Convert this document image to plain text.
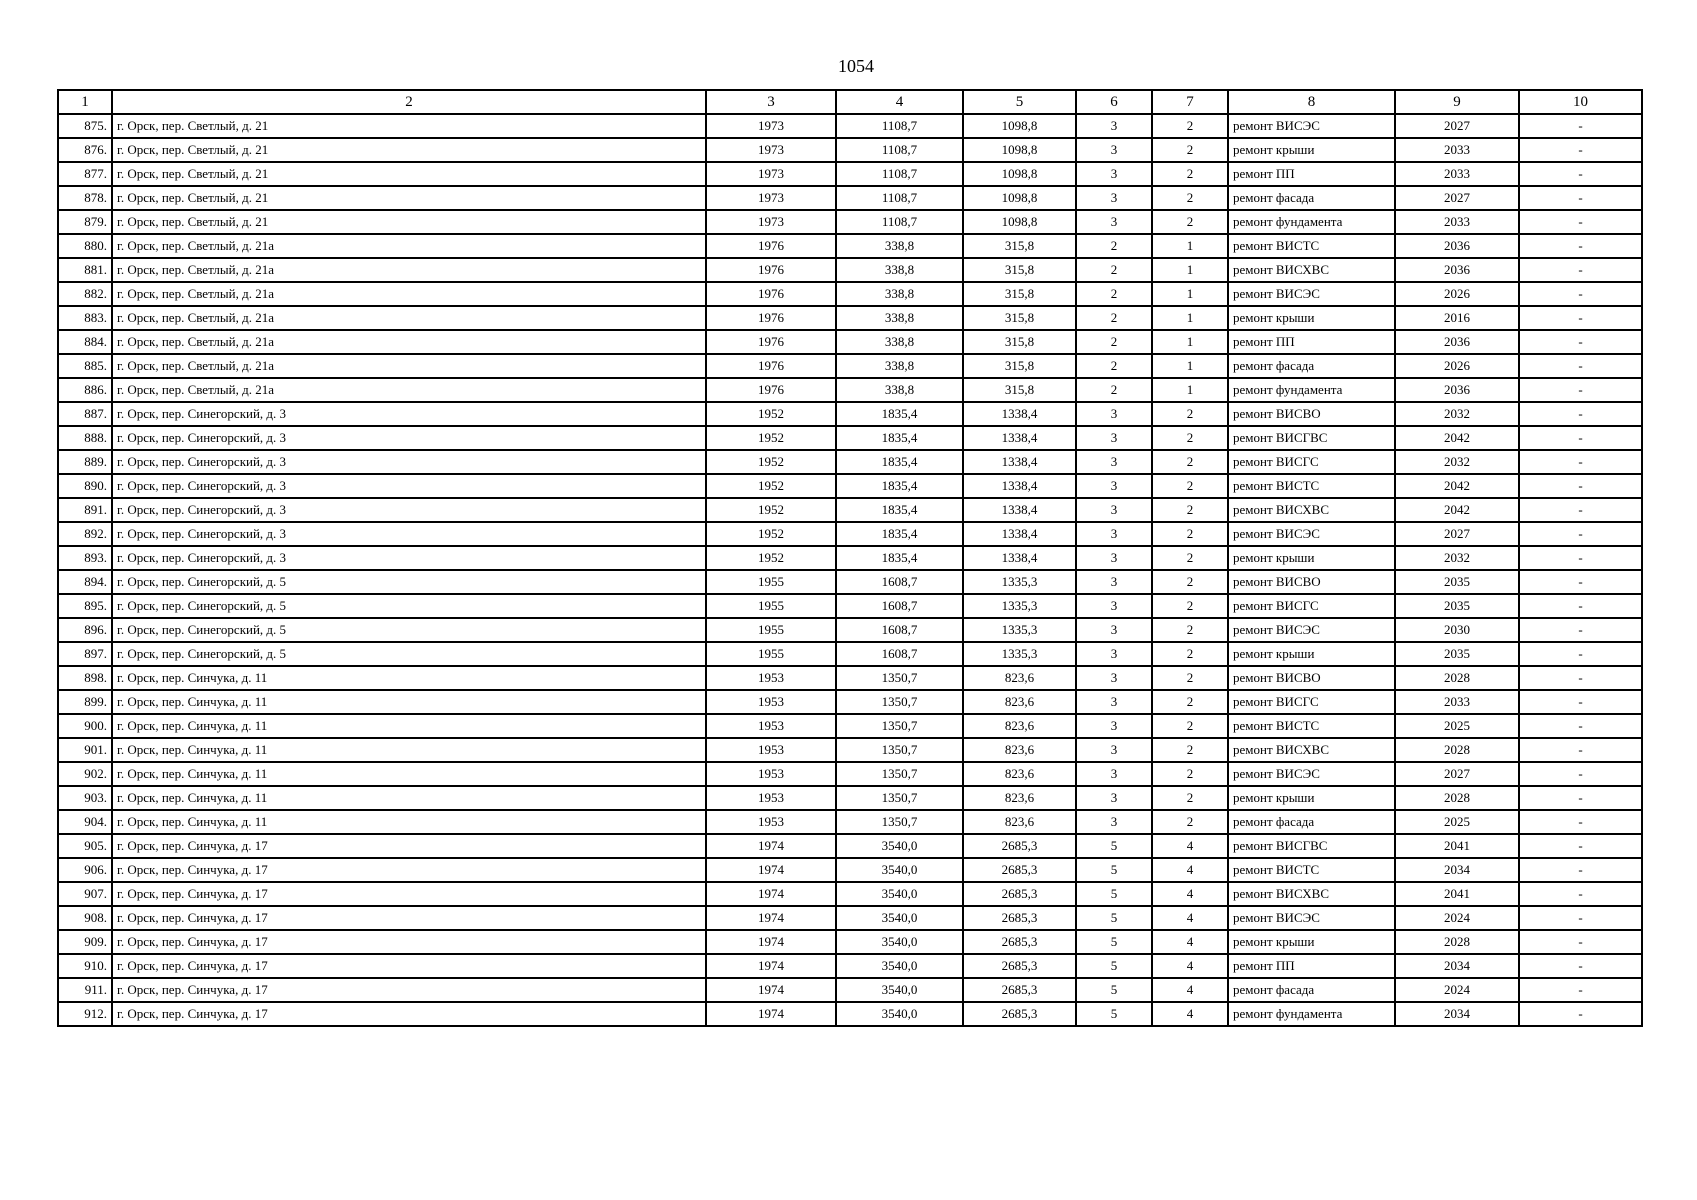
1054
1	2	3	4	5	6	7	8	9	10
875.	г. Орск, пер. Светлый, д. 21	1973	1108,7	1098,8	3	2	ремонт ВИСЭС	2027	-
876.	г. Орск, пер. Светлый, д. 21	1973	1108,7	1098,8	3	2	ремонт крыши	2033	-
877.	г. Орск, пер. Светлый, д. 21	1973	1108,7	1098,8	3	2	ремонт ПП	2033	-
878.	г. Орск, пер. Светлый, д. 21	1973	1108,7	1098,8	3	2	ремонт фасада	2027	-
879.	г. Орск, пер. Светлый, д. 21	1973	1108,7	1098,8	3	2	ремонт фундамента	2033	-
880.	г. Орск, пер. Светлый, д. 21а	1976	338,8	315,8	2	1	ремонт ВИСТС	2036	-
881.	г. Орск, пер. Светлый, д. 21а	1976	338,8	315,8	2	1	ремонт ВИСХВС	2036	-
882.	г. Орск, пер. Светлый, д. 21а	1976	338,8	315,8	2	1	ремонт ВИСЭС	2026	-
883.	г. Орск, пер. Светлый, д. 21а	1976	338,8	315,8	2	1	ремонт крыши	2016	-
884.	г. Орск, пер. Светлый, д. 21а	1976	338,8	315,8	2	1	ремонт ПП	2036	-
885.	г. Орск, пер. Светлый, д. 21а	1976	338,8	315,8	2	1	ремонт фасада	2026	-
886.	г. Орск, пер. Светлый, д. 21а	1976	338,8	315,8	2	1	ремонт фундамента	2036	-
887.	г. Орск, пер. Синегорский, д. 3	1952	1835,4	1338,4	3	2	ремонт ВИСВО	2032	-
888.	г. Орск, пер. Синегорский, д. 3	1952	1835,4	1338,4	3	2	ремонт ВИСГВС	2042	-
889.	г. Орск, пер. Синегорский, д. 3	1952	1835,4	1338,4	3	2	ремонт ВИСГС	2032	-
890.	г. Орск, пер. Синегорский, д. 3	1952	1835,4	1338,4	3	2	ремонт ВИСТС	2042	-
891.	г. Орск, пер. Синегорский, д. 3	1952	1835,4	1338,4	3	2	ремонт ВИСХВС	2042	-
892.	г. Орск, пер. Синегорский, д. 3	1952	1835,4	1338,4	3	2	ремонт ВИСЭС	2027	-
893.	г. Орск, пер. Синегорский, д. 3	1952	1835,4	1338,4	3	2	ремонт крыши	2032	-
894.	г. Орск, пер. Синегорский, д. 5	1955	1608,7	1335,3	3	2	ремонт ВИСВО	2035	-
895.	г. Орск, пер. Синегорский, д. 5	1955	1608,7	1335,3	3	2	ремонт ВИСГС	2035	-
896.	г. Орск, пер. Синегорский, д. 5	1955	1608,7	1335,3	3	2	ремонт ВИСЭС	2030	-
897.	г. Орск, пер. Синегорский, д. 5	1955	1608,7	1335,3	3	2	ремонт крыши	2035	-
898.	г. Орск, пер. Синчука, д. 11	1953	1350,7	823,6	3	2	ремонт ВИСВО	2028	-
899.	г. Орск, пер. Синчука, д. 11	1953	1350,7	823,6	3	2	ремонт ВИСГС	2033	-
900.	г. Орск, пер. Синчука, д. 11	1953	1350,7	823,6	3	2	ремонт ВИСТС	2025	-
901.	г. Орск, пер. Синчука, д. 11	1953	1350,7	823,6	3	2	ремонт ВИСХВС	2028	-
902.	г. Орск, пер. Синчука, д. 11	1953	1350,7	823,6	3	2	ремонт ВИСЭС	2027	-
903.	г. Орск, пер. Синчука, д. 11	1953	1350,7	823,6	3	2	ремонт крыши	2028	-
904.	г. Орск, пер. Синчука, д. 11	1953	1350,7	823,6	3	2	ремонт фасада	2025	-
905.	г. Орск, пер. Синчука, д. 17	1974	3540,0	2685,3	5	4	ремонт ВИСГВС	2041	-
906.	г. Орск, пер. Синчука, д. 17	1974	3540,0	2685,3	5	4	ремонт ВИСТС	2034	-
907.	г. Орск, пер. Синчука, д. 17	1974	3540,0	2685,3	5	4	ремонт ВИСХВС	2041	-
908.	г. Орск, пер. Синчука, д. 17	1974	3540,0	2685,3	5	4	ремонт ВИСЭС	2024	-
909.	г. Орск, пер. Синчука, д. 17	1974	3540,0	2685,3	5	4	ремонт крыши	2028	-
910.	г. Орск, пер. Синчука, д. 17	1974	3540,0	2685,3	5	4	ремонт ПП	2034	-
911.	г. Орск, пер. Синчука, д. 17	1974	3540,0	2685,3	5	4	ремонт фасада	2024	-
912.	г. Орск, пер. Синчука, д. 17	1974	3540,0	2685,3	5	4	ремонт фундамента	2034	-
